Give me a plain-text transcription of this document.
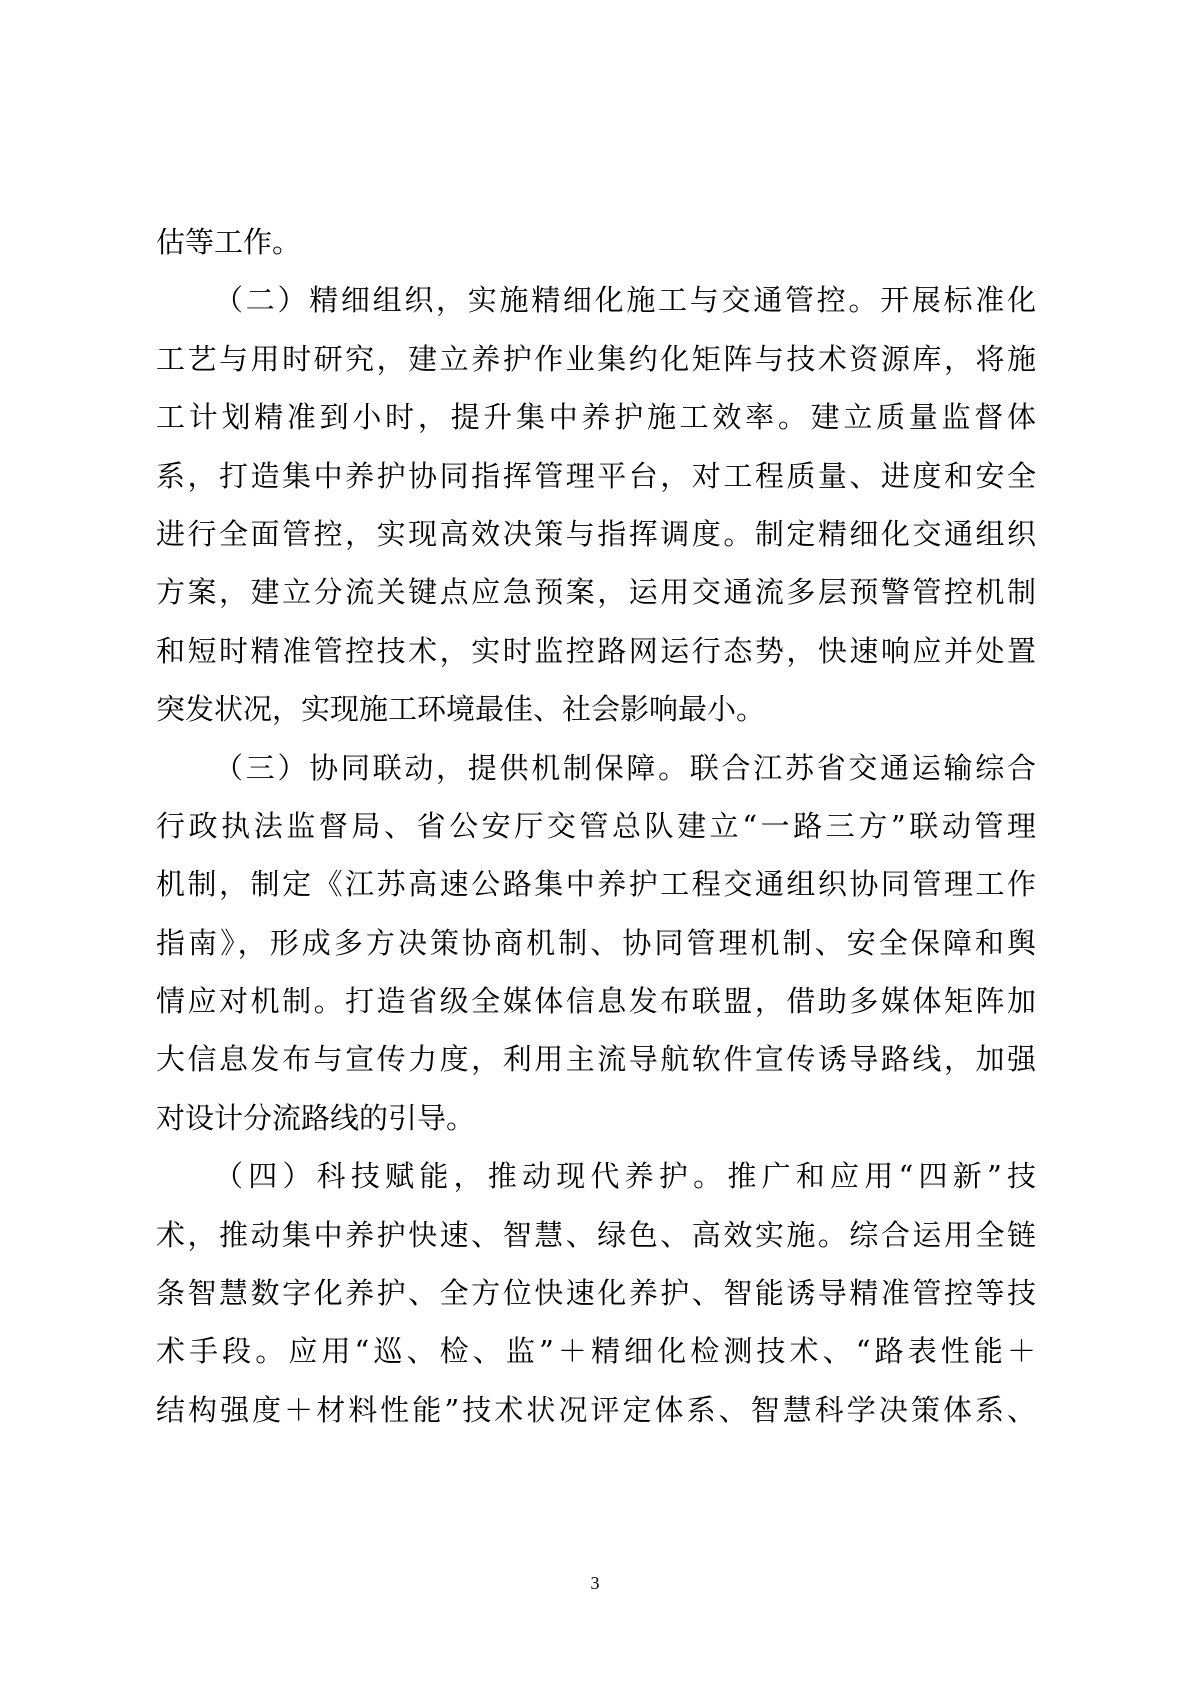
估等工作。
（二）精细组织，实施精细化施工与交通管控。开展标准化
工艺与用时研究，建立养护作业集约化矩阵与技术资源库，将施
工计划精准到小时，提升集中养护施工效率。建立质量监督体
系，打造集中养护协同指挥管理平台，对工程质量、进度和安全
进行全面管控，实现高效决策与指挥调度。制定精细化交通组织
方案，建立分流关键点应急预案，运用交通流多层预警管控机制
和短时精准管控技术，实时监控路网运行态势，快速响应并处置
突发状况，实现施工环境最佳、社会影响最小。
（三）协同联动，提供机制保障。联合江苏省交通运输综合
行政执法监督局、省公安厅交管总队建立“一路三方”联动管理
机制，制定《江苏高速公路集中养护工程交通组织协同管理工作
指南》，形成多方决策协商机制、协同管理机制、安全保障和舆
情应对机制。打造省级全媒体信息发布联盟，借助多媒体矩阵加
大信息发布与宣传力度，利用主流导航软件宣传诱导路线，加强
对设计分流路线的引导。
（四）科技赋能，推动现代养护。推广和应用“四新”技
术，推动集中养护快速、智慧、绿色、高效实施。综合运用全链
条智慧数字化养护、全方位快速化养护、智能诱导精准管控等技
术手段。应用“巡、检、监”＋精细化检测技术、“路表性能＋
结构强度＋材料性能”技术状况评定体系、智慧科学决策体系、
3
